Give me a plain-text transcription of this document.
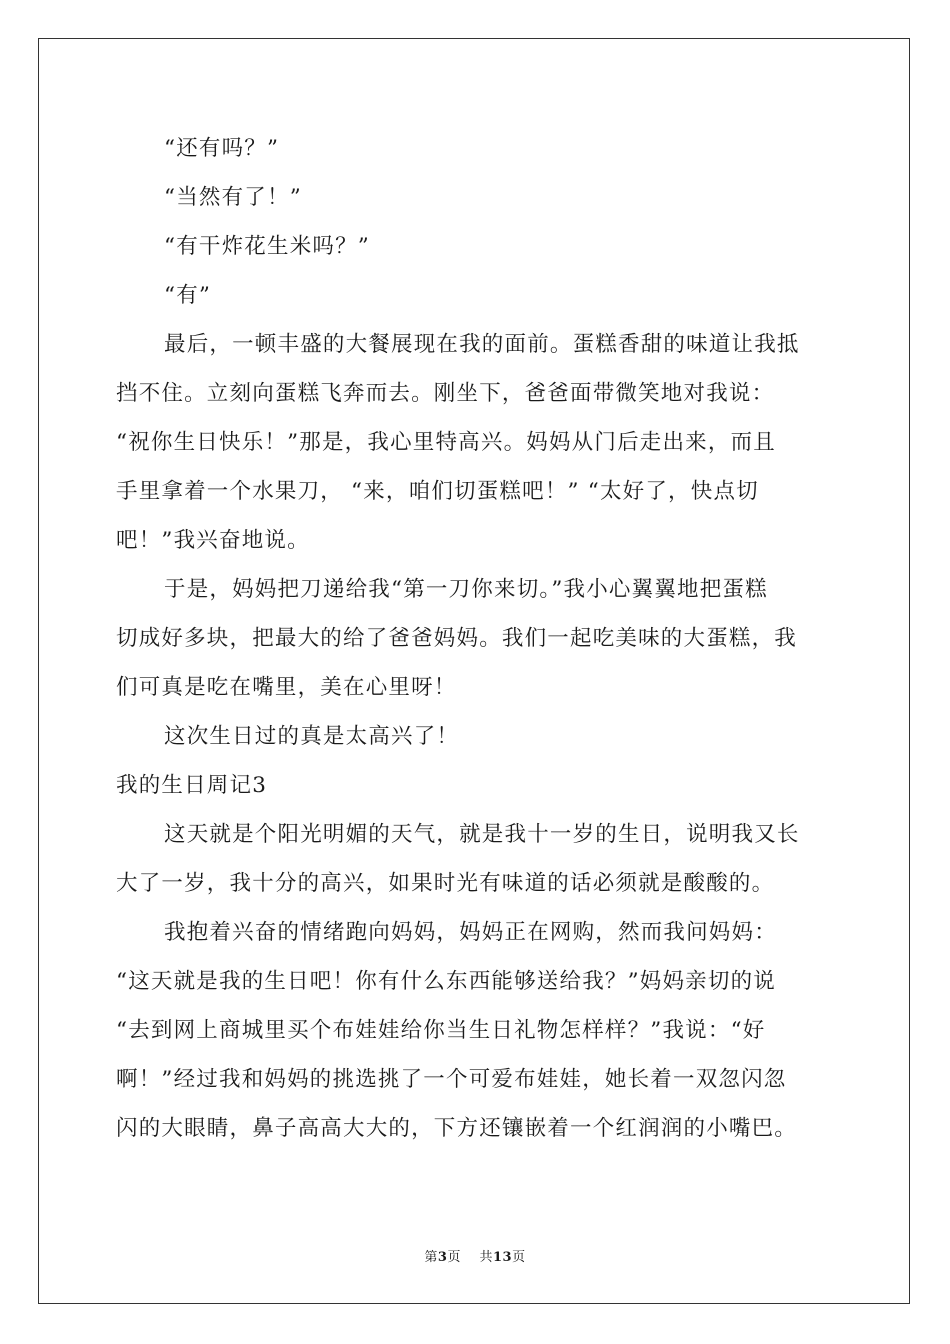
“还有吗？”
“当然有了！”
“有干炸花生米吗？”
“有”
最后，一顿丰盛的大餐展现在我的面前。蛋糕香甜的味道让我抵
挡不住。立刻向蛋糕飞奔而去。刚坐下，爸爸面带微笑地对我说：
“祝你生日快乐！”那是，我心里特高兴。妈妈从门后走出来，而且
手里拿着一个水果刀， “来，咱们切蛋糕吧！” “太好了，快点切
吧！”我兴奋地说。
于是，妈妈把刀递给我“第一刀你来切。”我小心翼翼地把蛋糕
切成好多块，把最大的给了爸爸妈妈。我们一起吃美味的大蛋糕，我
们可真是吃在嘴里，美在心里呀！
这次生日过的真是太高兴了！
我的生日周记3
这天就是个阳光明媚的天气，就是我十一岁的生日，说明我又长
大了一岁，我十分的高兴，如果时光有味道的话必须就是酸酸的。
我抱着兴奋的情绪跑向妈妈，妈妈正在网购，然而我问妈妈：
“这天就是我的生日吧！你有什么东西能够送给我？”妈妈亲切的说
“去到网上商城里买个布娃娃给你当生日礼物怎样样？”我说：“好
啊！”经过我和妈妈的挑选挑了一个可爱布娃娃，她长着一双忽闪忽
闪的大眼睛，鼻子高高大大的，下方还镶嵌着一个红润润的小嘴巴。
第3页    共13页
